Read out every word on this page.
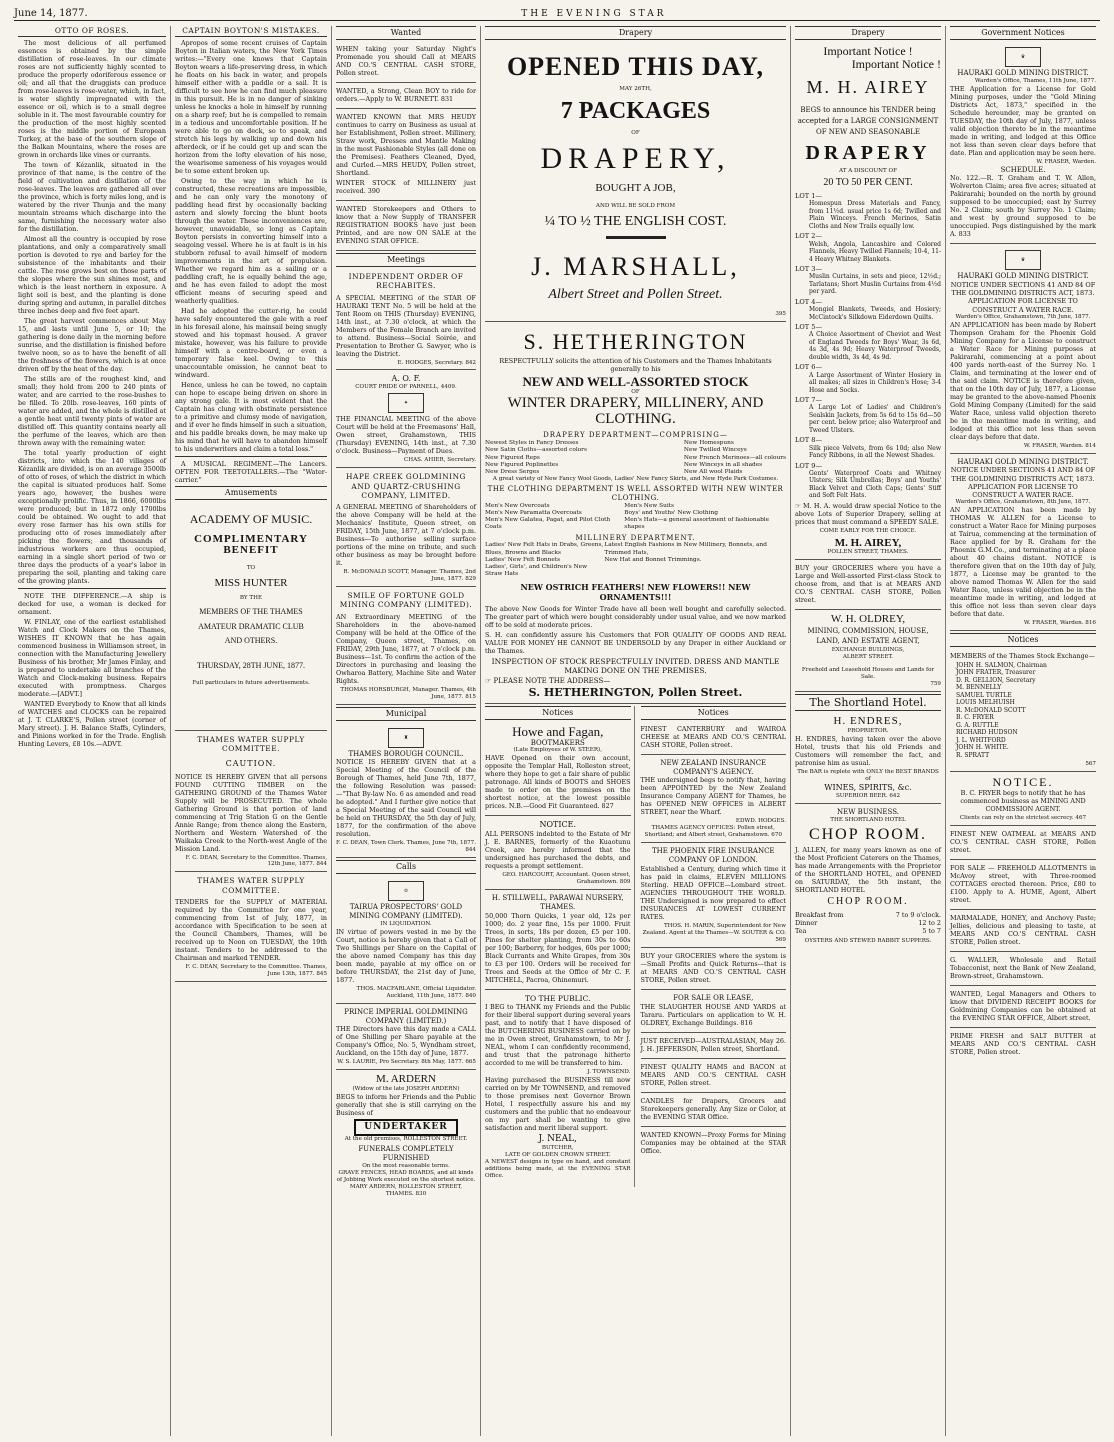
June 14, 1877.	THE EVENING STAR
OTTO OF ROSES.

The most delicious of all perfumed essences is obtained by the simple distillation of rose-leaves. In our climate roses are not sufficiently highly scented to produce the properly odoriferous essence or oil; and all that the druggists can produce from rose-leaves is rose-water, which, in fact, is water slightly impregnated with the essence or oil, which is to a small degree soluble in it. The most favourable country for the production of the most highly scented roses is the middle portion of European Turkey, at the base of the southern slope of the Balkan Mountains, where the roses are grown in orchards like vines or currants.

The town of Kézanlik, situated in the province of that name, is the centre of the field of cultivation and distillation of the rose-leaves. The leaves are gathered all over the province, which is forty miles long, and is watered by the river Thunja and the many mountain streams which discharge into the same, furnishing the necessary water also for the distillation.

Almost all the country is occupied by rose plantations, and only a comparatively small portion is devoted to rye and barley for the subsistence of the inhabitants and their cattle. The rose grows best on those parts of the slopes where the sun shines most, and which is the least northern in exposure. A light soil is best, and the planting is done during spring and autumn, in parallel ditches three inches deep and five feet apart.

The great harvest commences about May 15, and lasts until June 5, or 10; the gathering is done daily in the morning before sunrise, and the distillation is finished before twelve noon, so as to have the benefit of all the freshness of the flowers, which is at once driven off by the heat of the day.

The stills are of the roughest kind, and small; they hold from 200 to 240 pints of water, and are carried to the rose-bushes to be filled. To 20lb. rose-leaves, 160 pints of water are added, and the whole is distilled at a gentle heat until twenty pints of water are distilled off. This quantity contains nearly all the perfume of the leaves, which are then thrown away with the remaining water.

The total yearly production of eight districts, into which the 140 villages of Kézanlik are divided, is on an average 3500lb of otto of roses, of which the district in which the capital is situated produces half. Some years ago, however, the bushes were exceptionally prolific. Thus, in 1866, 6000lbs were produced; but in 1872 only 1700lbs could be obtained. We ought to add that every rose farmer has his own stills for producing otto of roses immediately after picking the flowers; and thousands of industrious workers are thus occupied, earning in a single short period of two or three days the products of a year's labor in preparing the soil, planting and taking care of the growing plants.

NOTE THE DIFFERENCE.—A ship is decked for use, a woman is decked for ornament.

W. FINLAY, one of the earliest established Watch and Clock Makers on the Thames, WISHES IT KNOWN that he has again commenced business in Williamson street, in connection with the Manufacturing Jewellery Business of his brother, Mr James Finlay, and is prepared to undertake all branches of the Watch and Clock-making business. Repairs executed with promptness. Charges moderate.—[ADVT.]

WANTED Everybody to Know that all kinds of WATCHES and CLOCKS can be repaired at J. T. CLARKE'S, Pollen street (corner of Mary street). J. H. Balance Staffs, Cylinders, and Pinions worked in for the Trade. English Hunting Levers, £8 10s.—ADVT.

CAPTAIN BOYTON'S MISTAKES.

Apropos of some recent cruises of Captain Boyton in Italian waters, the New York Times writes:—"Every one knows that Captain Boyton wears a life-preserving dress, in which he floats on his back in water, and propels himself either with a paddle or a sail. It is difficult to see how he can find much pleasure in this pursuit. He is in no danger of sinking unless he knocks a hole in himself by running on a sharp reef; but he is compelled to remain in a tedious and uncomfortable position. If he were able to go on deck, so to speak, and stretch his legs by walking up and down his afterdeck, or if he could get up and scan the horizon from the lofty elevation of his nose, the wearisome sameness of his voyages would be to some extent broken up.

Owing to the way in which he is constructed, these recreations are impossible, and he can only vary the monotony of paddling head first by occasionally backing astern and slowly forcing the blunt boots through the water. These inconveniences are, however, unavoidable, so long as Captain Boyton persists in converting himself into a seagoing vessel. Where he is at fault is in his stubborn refusal to avail himself of modern improvements in the art of propulsion. Whether we regard him as a sailing or a paddling craft, he is equally behind the age, and he has even failed to adopt the most efficient means of securing speed and weatherly qualities.

Had he adopted the cutter-rig, he could have safely encountered the gale with a reef in his foresail alone, his mainsail being snugly stowed and his topmast housed. A graver mistake, however, was his failure to provide himself with a centre-board, or even a temporary false keel. Owing to this unaccountable omission, he cannot beat to windward.

Hence, unless he can be towed, no captain can hope to escape being driven on shore in any strong gale. It is most evident that the Captain has clung with obstinate persistence to a primitive and clumsy mode of navigation, and if ever he finds himself in such a situation, and his paddle breaks down, he may make up his mind that he will have to abandon himself to his underwriters and claim a total loss."

A MUSICAL REGIMENT.—The Lancers. OFTEN FOR TEETOTALLERS.—The "Water-carrier."

Amusements
ACADEMY OF MUSIC.
COMPLIMENTARY BENEFIT
TO
MISS HUNTER
BY THE
MEMBERS OF THE THAMES
AMATEUR DRAMATIC CLUB
AND OTHERS.
THURSDAY, 28TH JUNE, 1877.
Full particulars in future advertisements.
THAMES WATER SUPPLY COMMITTEE.
CAUTION.

NOTICE IS HEREBY GIVEN that all persons FOUND CUTTING TIMBER on the GATHERING GROUND of the Thames Water Supply will be PROSECUTED. The whole Gathering Ground is that portion of land commencing at Trig Station G on the Gentle Annie Range; from thence along the Eastern, Northern and Western Watershed of the Waikaka Creek to the North-west Angle of the Mission Land.

F. C. DEAN, Secretary to the Committee. Thames, 12th June, 1877. 844
THAMES WATER SUPPLY COMMITTEE.

TENDERS for the SUPPLY of MATERIAL required by the Committee for one year, commencing from 1st of July, 1877, in accordance with Specification to be seen at the Council Chambers, Thames, will be received up to Noon on TUESDAY, the 19th instant. Tenders to be addressed to the Chairman and marked TENDER.

F. C. DEAN, Secretary to the Committee. Thames, June 13th, 1877. 845
Wanted

WHEN taking your Saturday Night's Promenade you should Call at MEARS AND CO.'S CENTRAL CASH STORE, Pollen street.

WANTED, a Strong, Clean BOY to ride for orders.—Apply to W. BURNETT. 831

WANTED KNOWN that MRS HEUDY continues to carry on Business as usual at her Establishment, Pollen street. Millinery, Straw work, Dresses and Mantle Making in the most Fashionable Styles (all done on the Premises). Feathers Cleaned, Dyed, and Curled.—MRS HEUDY, Pollen street, Shortland.

WINTER STOCK of MILLINERY just received. 390

WANTED Storekeepers and Others to know that a New Supply of TRANSFER REGISTRATION BOOKS have just been Printed, and are now ON SALE at the EVENING STAR OFFICE.

Meetings
INDEPENDENT ORDER OF RECHABITES.

A SPECIAL MEETING of the STAR OF HAURAKI TENT No. 5 will be held at the Tent Room on THIS (Thursday) EVENING, 14th inst., at 7.30 o'clock, at which the Members of the Female Branch are invited to attend. Business—Social Soirée, and Presentation to Brother G. Sawyer, who is leaving the District.

E. HODGES, Secretary. 842
A. O. F.
COURT PRIDE OF PARNELL, 4409.
✦

THE FINANCIAL MEETING of the above Court will be held at the Freemasons' Hall, Owen street, Grahamstown, THIS (Thursday) EVENING, 14th inst., at 7.30 o'clock. Business—Payment of Dues.

CHAS. AHIER, Secretary.
HAPE CREEK GOLDMINING AND QUARTZ-CRUSHING COMPANY, LIMITED.

A GENERAL MEETING of Shareholders of the above Company will be held at the Mechanics' Institute, Queen street, on FRIDAY, 15th June, 1877, at 7 o'clock p.m. Business—To authorise selling surface portions of the mine on tribute, and such other business as may be brought before it.

R. McDONALD SCOTT, Manager. Thames, 2nd June, 1877. 829
SMILE OF FORTUNE GOLD MINING COMPANY (LIMITED).

AN Extraordinary MEETING of the Shareholders in the above-named Company will be held at the Office of the Company, Queen street, Thames, on FRIDAY, 29th June, 1877, at 7 o'clock p.m. Business—1st. To confirm the action of the Directors in purchasing and leasing the Owharoa Battery, Machine Site and Water Rights.

THOMAS HORSBURGH, Manager. Thames, 4th June, 1877. 815
Municipal
♜
THAMES BOROUGH COUNCIL.

NOTICE IS HEREBY GIVEN that at a Special Meeting of the Council of the Borough of Thames, held June 7th, 1877, the following Resolution was passed:—"That By-law No. 6 as amended and read be adopted." And I further give notice that a Special Meeting of the said Council will be held on THURSDAY, the 5th day of July, 1877, for the confirmation of the above resolution.

F. C. DEAN, Town Clerk. Thames, June 7th, 1877. 844
Calls
♔
TAIRUA PROSPECTORS' GOLD MINING COMPANY (LIMITED).
IN LIQUIDATION.

IN virtue of powers vested in me by the Court, notice is hereby given that a Call of Two Shillings per Share on the Capital of the above named Company has this day been made, payable at my office on or before THURSDAY, the 21st day of June, 1877.

THOS. MACFARLANE, Official Liquidator. Auckland, 11th June, 1877. 840
PRINCE IMPERIAL GOLDMINING COMPANY (LIMITED.)

THE Directors have this day made a CALL of One Shilling per Share payable at the Company's Office, No. 5, Wyndham street, Auckland, on the 15th day of June, 1877.

W. S. LAURIE, Pro Secretary. 8th May, 1877. 665
M. ARDERN
(Widow of the late JOSEPH ARDERN)

BEGS to inform her Friends and the Public generally that she is still carrying on the Business of

UNDERTAKER
At the old premises, ROLLESTON STREET.
FUNERALS COMPLETELY FURNISHED
On the most reasonable terms.
GRAVE FENCES, HEAD BOARDS, and all kinds of Jobbing Work executed on the shortest notice.
MARY ARDERN, ROLLESTON STREET, THAMES. 830
Drapery
OPENED THIS DAY,
MAY 26TH,
7 PACKAGES
OF
DRAPERY,
BOUGHT A JOB,
AND WILL BE SOLD FROM
¼ TO ½ THE ENGLISH COST.
J. MARSHALL,
Albert Street and Pollen Street.
395
S. HETHERINGTON

RESPECTFULLY solicits the attention of his Customers and the Thames Inhabitants generally to his

NEW AND WELL-ASSORTED STOCK
OF
WINTER DRAPERY, MILLINERY, AND CLOTHING.
DRAPERY DEPARTMENT—COMPRISING—
Newest Styles in Fancy Dresses
New Satin Cloths—assorted colors
New Figured Reps
New Figured Poplinettes
New Dress Serges
New Homespuns
New Twilled Winceys
New French Merinoes—all colours
New Winceys in all shades
New All wool Plaids

A great variety of New Fancy Wool Goods, Ladies' New Fancy Skirts, and New Hyde Park Costumes.

THE CLOTHING DEPARTMENT IS WELL ASSORTED WITH NEW WINTER CLOTHING.
Men's New Overcoats
Men's New Paramatta Overcoats
Men's New Galatea, Pagat, and Pilot Cloth Coats
Men's New Suits
Boys' and Youths' New Clothing
Men's Hats—a general assortment of fashionable shapes
MILLINERY DEPARTMENT.
Ladies' New Felt Hats in Drabs, Greens,
Blues, Browns and Blacks
Ladies' New Felt Bonnets
Ladies', Girls', and Children's New Straw Hats
Latest English Fashions in New Millinery, Bonnets, and Trimmed Hats,
New Hat and Bonnet Trimmings.
NEW OSTRICH FEATHERS! NEW FLOWERS!! NEW ORNAMENTS!!!

The above New Goods for Winter Trade have all been well bought and carefully selected. The greater part of which were bought considerably under usual value, and we now marked off to be sold at moderate prices.

S. H. can confidently assure his Customers that FOR QUALITY OF GOODS AND REAL VALUE FOR MONEY HE CANNOT BE UNDERSOLD by any Draper in either Auckland or the Thames.

INSPECTION OF STOCK RESPECTFULLY INVITED. DRESS AND MANTLE MAKING DONE ON THE PREMISES.
☞ PLEASE NOTE THE ADDRESS—
S. HETHERINGTON, Pollen Street.
Notices
Howe and Fagan,
BOOTMAKERS
(Late Employees of W. STEER),

HAVE Opened on their own account, opposite the Templar Hall, Rolleston street, where they hope to get a fair share of public patronage. All kinds of BOOTS and SHOES made to order on the premises on the shortest notice, at the lowest possible prices. N.B.—Good Fit Guaranteed. 827

NOTICE.

ALL PERSONS indebted to the Estate of Mr J. E. BARNES, formerly of the Kuaotunu Creek, are hereby informed that the undersigned has purchased the debts, and requests a prompt settlement.

GEO. HARCOURT, Accountant. Queen street, Grahamstown. 809
H. STILLWELL, PARAWAI NURSERY, THAMES.

50,000 Thorn Quicks, 1 year old, 12s per 1000; do. 2 year fine, 15s per 1000. Fruit Trees, in sorts, 18s per dozen, £5 per 100. Pines for shelter planting, from 30s to 60s per 100; Barberry, for hedges, 60s per 1000; Black Currants and White Grapes, from 30s to £3 per 100. Orders will be received for Trees and Seeds at the Office of Mr C. F. MITCHELL, Pacroa, Ohinemuri.

TO THE PUBLIC.

I BEG to THANK my Friends and the Public for their liberal support during several years past, and to notify that I have disposed of the BUTCHERING BUSINESS carried on by me in Owen street, Grahamstown, to Mr J. NEAL, whom I can confidently recommend, and trust that the patronage hitherto accorded to me will be transferred to him.

J. TOWNSEND.

Having purchased the BUSINESS till now carried on by Mr TOWNSEND, and removed to those premises next Governor Brown Hotel, I respectfully assure his and my customers and the public that no endeavour on my part shall be wanting to give satisfaction and merit liberal support.

J. NEAL,
BUTCHER,
LATE OF GOLDEN CROWN STREET.

A NEWEST designs in type on hand, and constant additions being made, at the EVENING STAR Office.

Notices

FINEST CANTERBURY and WAIROA CHEESE at MEARS AND CO.'S CENTRAL CASH STORE, Pollen street.

NEW ZEALAND INSURANCE COMPANY'S AGENCY.

THE undersigned begs to notify that, having been APPOINTED by the New Zealand Insurance Company AGENT for Thames, he has OPENED NEW OFFICES in ALBERT STREET, near the Wharf.

EDWD. HODGES.
THAMES AGENCY OFFICES: Pollen street, Shortland; and Albert street, Grahamstown. 670
THE PHOENIX FIRE INSURANCE COMPANY OF LONDON.

Established a Century, during which time it has paid in claims, ELEVEN MILLIONS Sterling. HEAD OFFICE—Lombard street. AGENCIES THROUGHOUT THE WORLD. THE Undersigned is now prepared to effect INSURANCES AT LOWEST CURRENT RATES.

THOS. H. MARIN, Superintendent for New Zealand. Agent at the Thames—W. SOUTER & CO. 569

BUY your GROCERIES where the system is—Small Profits and Quick Returns—that is at MEARS AND CO.'S CENTRAL CASH STORE, Pollen street.

FOR SALE OR LEASE,

THE SLAUGHTER HOUSE AND YARDS at Tararu. Particulars on application to W. H. OLDREY, Exchange Buildings. 816

JUST RECEIVED—AUSTRALASIAN, May 26. J. H. JEFFERSON, Pollen street, Shortland.

FINEST QUALITY HAMS and BACON at MEARS AND CO.'S CENTRAL CASH STORE, Pollen street.

CANDLES for Drapers, Grocers and Storekeepers generally. Any Size or Color, at the EVENING STAR Office.

WANTED KNOWN—Proxy Forms for Mining Companies may be obtained at the STAR Office.

Drapery
Important Notice !
Important Notice !
M. H. AIREY

BEGS to announce his TENDER being accepted for a LARGE CONSIGNMENT OF NEW AND SEASONABLE

DRAPERY
AT A DISCOUNT OF
20 TO 50 PER CENT.
LOT 1—
Homespun Dress Materials and Fancy, from 11½d. usual price 1s 6d; Twilled and Plain Winceys. French Merinos, Satin Cloths and New Trails equally low.
LOT 2—
Welsh, Angola, Lancashire and Colored Flannels, Heavy Twilled Flannels; 10-4, 11-4 Heavy Whitney Blankets.
LOT 3—
Muslin Curtains, in sets and piece, 12½d.; Tarlatans; Short Muslin Curtains from 4½d per yard.
LOT 4—
Mongiel Blankets, Tweeds, and Hosiery; McCintock's Silkdown Eiderdown Quilts.
LOT 5—
A Choice Assortment of Cheviot and West of England Tweeds for Boys' Wear, 3s 6d, 4s 3d, 4s 9d; Heavy Waterproof Tweeds, double width, 3s 4d, 4s 9d.
LOT 6—
A Large Assortment of Winter Hosiery in all makes; all sizes in Children's Hose; 3-4 Hose and Socks.
LOT 7—
A Large Lot of Ladies' and Children's Sealskin Jackets, from 5s 6d to 15s 6d—50 per cent. below price; also Waterproof and Tweed Ulsters.
LOT 8—
Silk piece Velvets, from 6s 10d; also New Fancy Ribbons, in all the Newest Shades.
LOT 9—
Gents' Waterproof Coats and Whitney Ulsters; Silk Umbrellas; Boys' and Youths' Black Velvet and Cloth Caps; Gents' Stiff and Soft Felt Hats.

☞ M. H. A. would draw special Notice to the above Lots of Superior Drapery, selling at prices that must command a SPEEDY SALE.

COME EARLY FOR THE CHOICE.
M. H. AIREY,
POLLEN STREET, THAMES.

BUY your GROCERIES where you have a Large and Well-assorted First-class Stock to choose from, and that is at MEARS AND CO.'S CENTRAL CASH STORE, Pollen street.

W. H. OLDREY,
MINING, COMMISSION, HOUSE, LAND, AND ESTATE AGENT,
EXCHANGE BUILDINGS,
ALBERT STREET.
Freehold and Leasehold Houses and Lands for Sale.
759
The Shortland Hotel.
H. ENDRES,
PROPRIETOR.

H. ENDRES, having taken over the above Hotel, trusts that his old Friends and Customers will remember the fact, and patronise him as usual.

The BAR is replete with ONLY the BEST BRANDS of
WINES, SPIRITS, &c.
SUPERIOR BEER. 642
NEW BUSINESS.
THE SHORTLAND HOTEL
CHOP ROOM.

J. ALLEN, for many years known as one of the Most Proficient Caterers on the Thames, has made Arrangements with the Proprietor of the SHORTLAND HOTEL, and OPENED on SATURDAY, the 5th instant, the SHORTLAND HOTEL

CHOP ROOM.
Breakfast from	7 to 9 o'clock.
Dinner	12 to 2
Tea	5 to 7
OYSTERS AND STEWED RABBIT SUPPERS.
Government Notices
♛
HAURAKI GOLD MINING DISTRICT.
Warden's Office, Thames, 11th June, 1877.

THE Application for a License for Gold Mining purposes, under the "Gold Mining Districts Act, 1873," specified in the Schedule hereunder, may be granted on TUESDAY, the 10th day of July, 1877, unless valid objection thereto be in the meantime made in writing, and lodged at this Office not less than seven clear days before that date. Plan and application may be seen here.

W. FRASER, Warden.
SCHEDULE.

No. 122.—R. T. Graham and T. W. Allen, Wolverton Claim; area five acres; situated at Pakirarahi; bounded on the north by ground supposed to be unoccupied; east by Surrey No. 2 Claim; south by Surrey No. 1 Claim; and west by ground supposed to be unoccupied. Pegs distinguished by the mark A. 833

♛
HAURAKI GOLD MINING DISTRICT.
NOTICE UNDER SECTIONS 41 AND 84 OF THE GOLDMINING DISTRICTS ACT, 1873.
APPLICATION FOR LICENSE TO CONSTRUCT A WATER RACE.
Warden's Office, Grahamstown, 7th June, 1877.

AN APPLICATION has been made by Robert Thompson Graham for the Phoenix Gold Mining Company for a License to construct a Water Race for Mining purposes at Pakirarahi, commencing at a point about 400 yards north-east of the Surrey No. 1 Claim, and terminating at the lower end of the said claim. NOTICE is therefore given, that on the 10th day of July, 1877, a License may be granted to the above-named Phoenix Gold Mining Company (Limited) for the said Water Race, unless valid objection thereto be in the meantime made in writing, and lodged at this office not less than seven clear days before that date.

W. FRASER, Warden. 814
HAURAKI GOLD MINING DISTRICT.
NOTICE UNDER SECTIONS 41 AND 84 OF THE GOLDMINING DISTRICTS ACT, 1873.
APPLICATION FOR LICENSE TO CONSTRUCT A WATER RACE.
Warden's Office, Grahamstown, 8th June, 1877.

AN APPLICATION has been made by THOMAS W. ALLEN for a License to construct a Water Race for Mining purposes at Tairua, commencing at the termination of Race applied for by R. Graham for the Phoenix G.M.Co., and terminating at a place about 40 chains distant. NOTICE is therefore given that on the 10th day of July, 1877, a License may be granted to the above named Thomas W. Allen for the said Water Race, unless valid objection be in the meantime made in writing, and lodged at this office not less than seven clear days before that date.

W. FRASER, Warden. 816
Notices

MEMBERS of the Thames Stock Exchange—

JOHN H. SALMON, Chairman
JOHN FRATER, Treasurer
D. R. GELLION, Secretary
M. BENNELLY
SAMUEL TURTLE
LOUIS MELHUISH
R. McDONALD SCOTT
B. C. FRYER
G. A. RUTTLE
RICHARD HUDSON
J. L. WHITFORD
JOHN H. WHITE.
R. SPRATT
567
NOTICE.

B. C. FRYER begs to notify that he has commenced business as MINING AND COMMISSION AGENT.

Clients can rely on the strictest secrecy. 467

FINEST NEW OATMEAL at MEARS AND CO.'S CENTRAL CASH STORE, Pollen street.

FOR SALE — FREEHOLD ALLOTMENTS in McAvoy street, with Three-roomed COTTAGES erected thereon. Price, £80 to £100. Apply to A. HUME, Agent, Albert street.

MARMALADE, HONEY, and Anchovy Paste; Jellies, delicious and pleasing to taste, at MEARS AND CO.'S CENTRAL CASH STORE, Pollen street.

G. WALLER, Wholesale and Retail Tobacconist, next the Bank of New Zealand, Brown-street, Grahamstown.

WANTED, Legal Managers and Others to know that DIVIDEND RECEIPT BOOKS for Goldmining Companies can be obtained at the EVENING STAR OFFICE, Albert street.

PRIME FRESH and SALT BUTTER at MEARS AND CO.'S CENTRAL CASH STORE, Pollen street.
